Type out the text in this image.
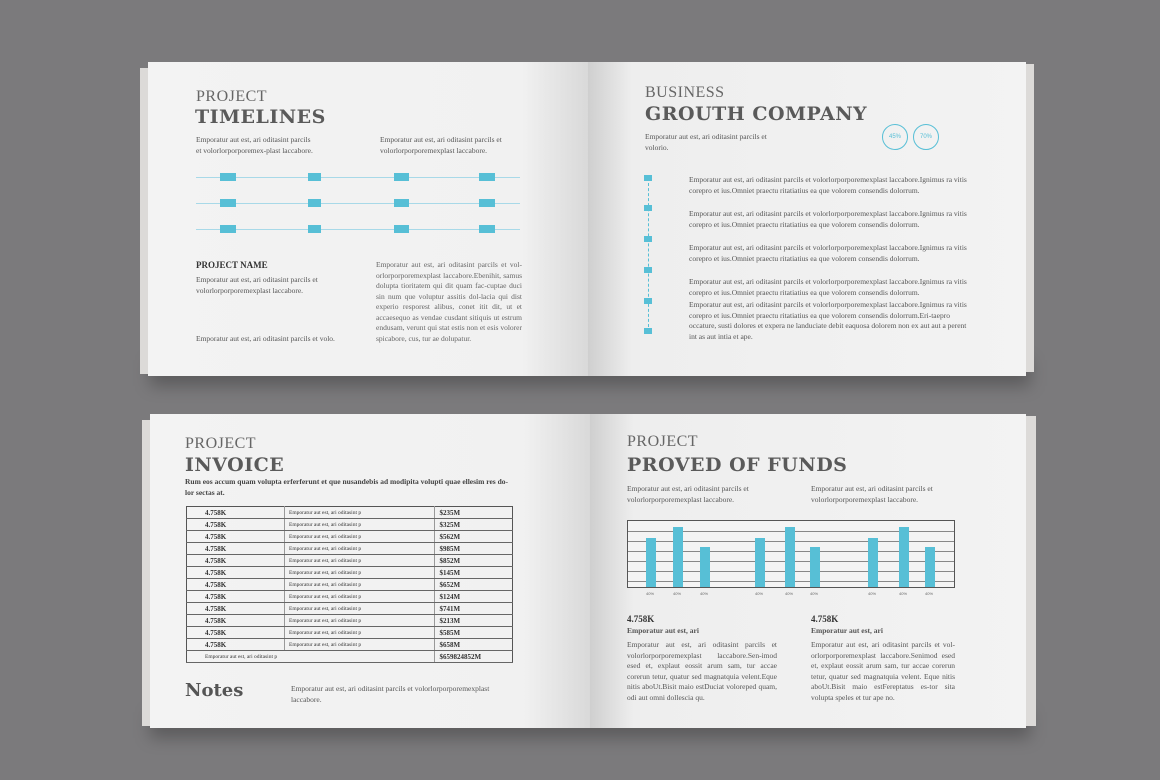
PROJECT
TIMELINES
Emporatur aut est, ari oditasint parcils et volorlorporporemex-plast laccabore.
Emporatur aut est, ari oditasint parcils et volorlorporporemexplast laccabore.
PROJECT NAME
Emporatur aut est, ari oditasint parcils et volorlorporporemexplast laccabore.
Emporatur aut est, ari oditasint parcils et volo.
Emporatur aut est, ari oditasint parcils et vol-orlorporporemexplast laccabore.Ebenihit, samus dolupta tioritatem qui dit quam fac-cuptae duci sin num que voluptur assitis dol-lacia qui dist experio resporest alibus, conet itit dit, ut et accaesequo as vendae cusdant sitiquis ut estrum endusam, verunt qui stat estis non et esis volorer spicabore, cus, tur ae dolupatur.
BUSINESS
GROUTH COMPANY
Emporatur aut est, ari oditasint parcils et volorio.
45%	70%
Emporatur aut est, ari oditasint parcils et volorlorporporemexplast laccabore.Ignimus ra vitis corepro et ius.Omniet praectu ritatiatius ea que volorem consendis dolorrum.
Emporatur aut est, ari oditasint parcils et volorlorporporemexplast laccabore.Ignimus ra vitis corepro et ius.Omniet praectu ritatiatius ea que volorem consendis dolorrum.
Emporatur aut est, ari oditasint parcils et volorlorporporemexplast laccabore.Ignimus ra vitis corepro et ius.Omniet praectu ritatiatius ea que volorem consendis dolorrum.
Emporatur aut est, ari oditasint parcils et volorlorporporemexplast laccabore.Ignimus ra vitis corepro et ius.Omniet praectu ritatiatius ea que volorem consendis dolorrum.
Emporatur aut est, ari oditasint parcils et volorlorporporemexplast laccabore.Ignimus ra vitis corepro et ius.Omniet praectu ritatiatius ea que volorem consendis dolorrum.Eri-taepro occature, susti dolores et expera ne landuciate debit eaquosa dolorem non ex aut aut a perent int as aut intia et ape.
PROJECT
INVOICE
Rum eos accum quam volupta erferferunt et que nusandebis ad modipita volupti quae ellesim res do-lor sectas at.
4.758K	Emporatur aut est, ari oditasint p	$235M
4.758K	Emporatur aut est, ari oditasint p	$325M
4.758K	Emporatur aut est, ari oditasint p	$562M
4.758K	Emporatur aut est, ari oditasint p	$985M
4.758K	Emporatur aut est, ari oditasint p	$852M
4.758K	Emporatur aut est, ari oditasint p	$145M
4.758K	Emporatur aut est, ari oditasint p	$652M
4.758K	Emporatur aut est, ari oditasint p	$124M
4.758K	Emporatur aut est, ari oditasint p	$741M
4.758K	Emporatur aut est, ari oditasint p	$213M
4.758K	Emporatur aut est, ari oditasint p	$585M
4.758K	Emporatur aut est, ari oditasint p	$658M
Emporatur aut est, ari oditasint p		$659824852M
Notes	Emporatur aut est, ari oditasint parcils et volorlorporporemexplast laccabore.
PROJECT
PROVED OF FUNDS
Emporatur aut est, ari oditasint parcils et volorlorporporemexplast laccabore.
Emporatur aut est, ari oditasint parcils et volorlorporporemexplast laccabore.
40%	40%	40%	40%	40%	40%	40%	40%	40%
4.758K
Emporatur aut est, ari
Emporatur aut est, ari oditasint parcils et volorlorporporemexplast laccabore.Sen-imod esed et, explaut eossit arum sam, tur accae corerun tetur, quatur sed magnatquia velent.Eque nitis aboUt.Bisit maio estDuciat voloreped quam, odi aut omni dollescia qu.
4.758K
Emporatur aut est, ari
Emporatur aut est, ari oditasint parcils et vol-orlorporporemexplast laccabore.Senimod esed et, explaut eossit arum sam, tur accae corerun tetur, quatur sed magnatquia velent. Eque nitis aboUt.Bisit maio estFereptatus es-tor sita volupta speles et tur ape no.
